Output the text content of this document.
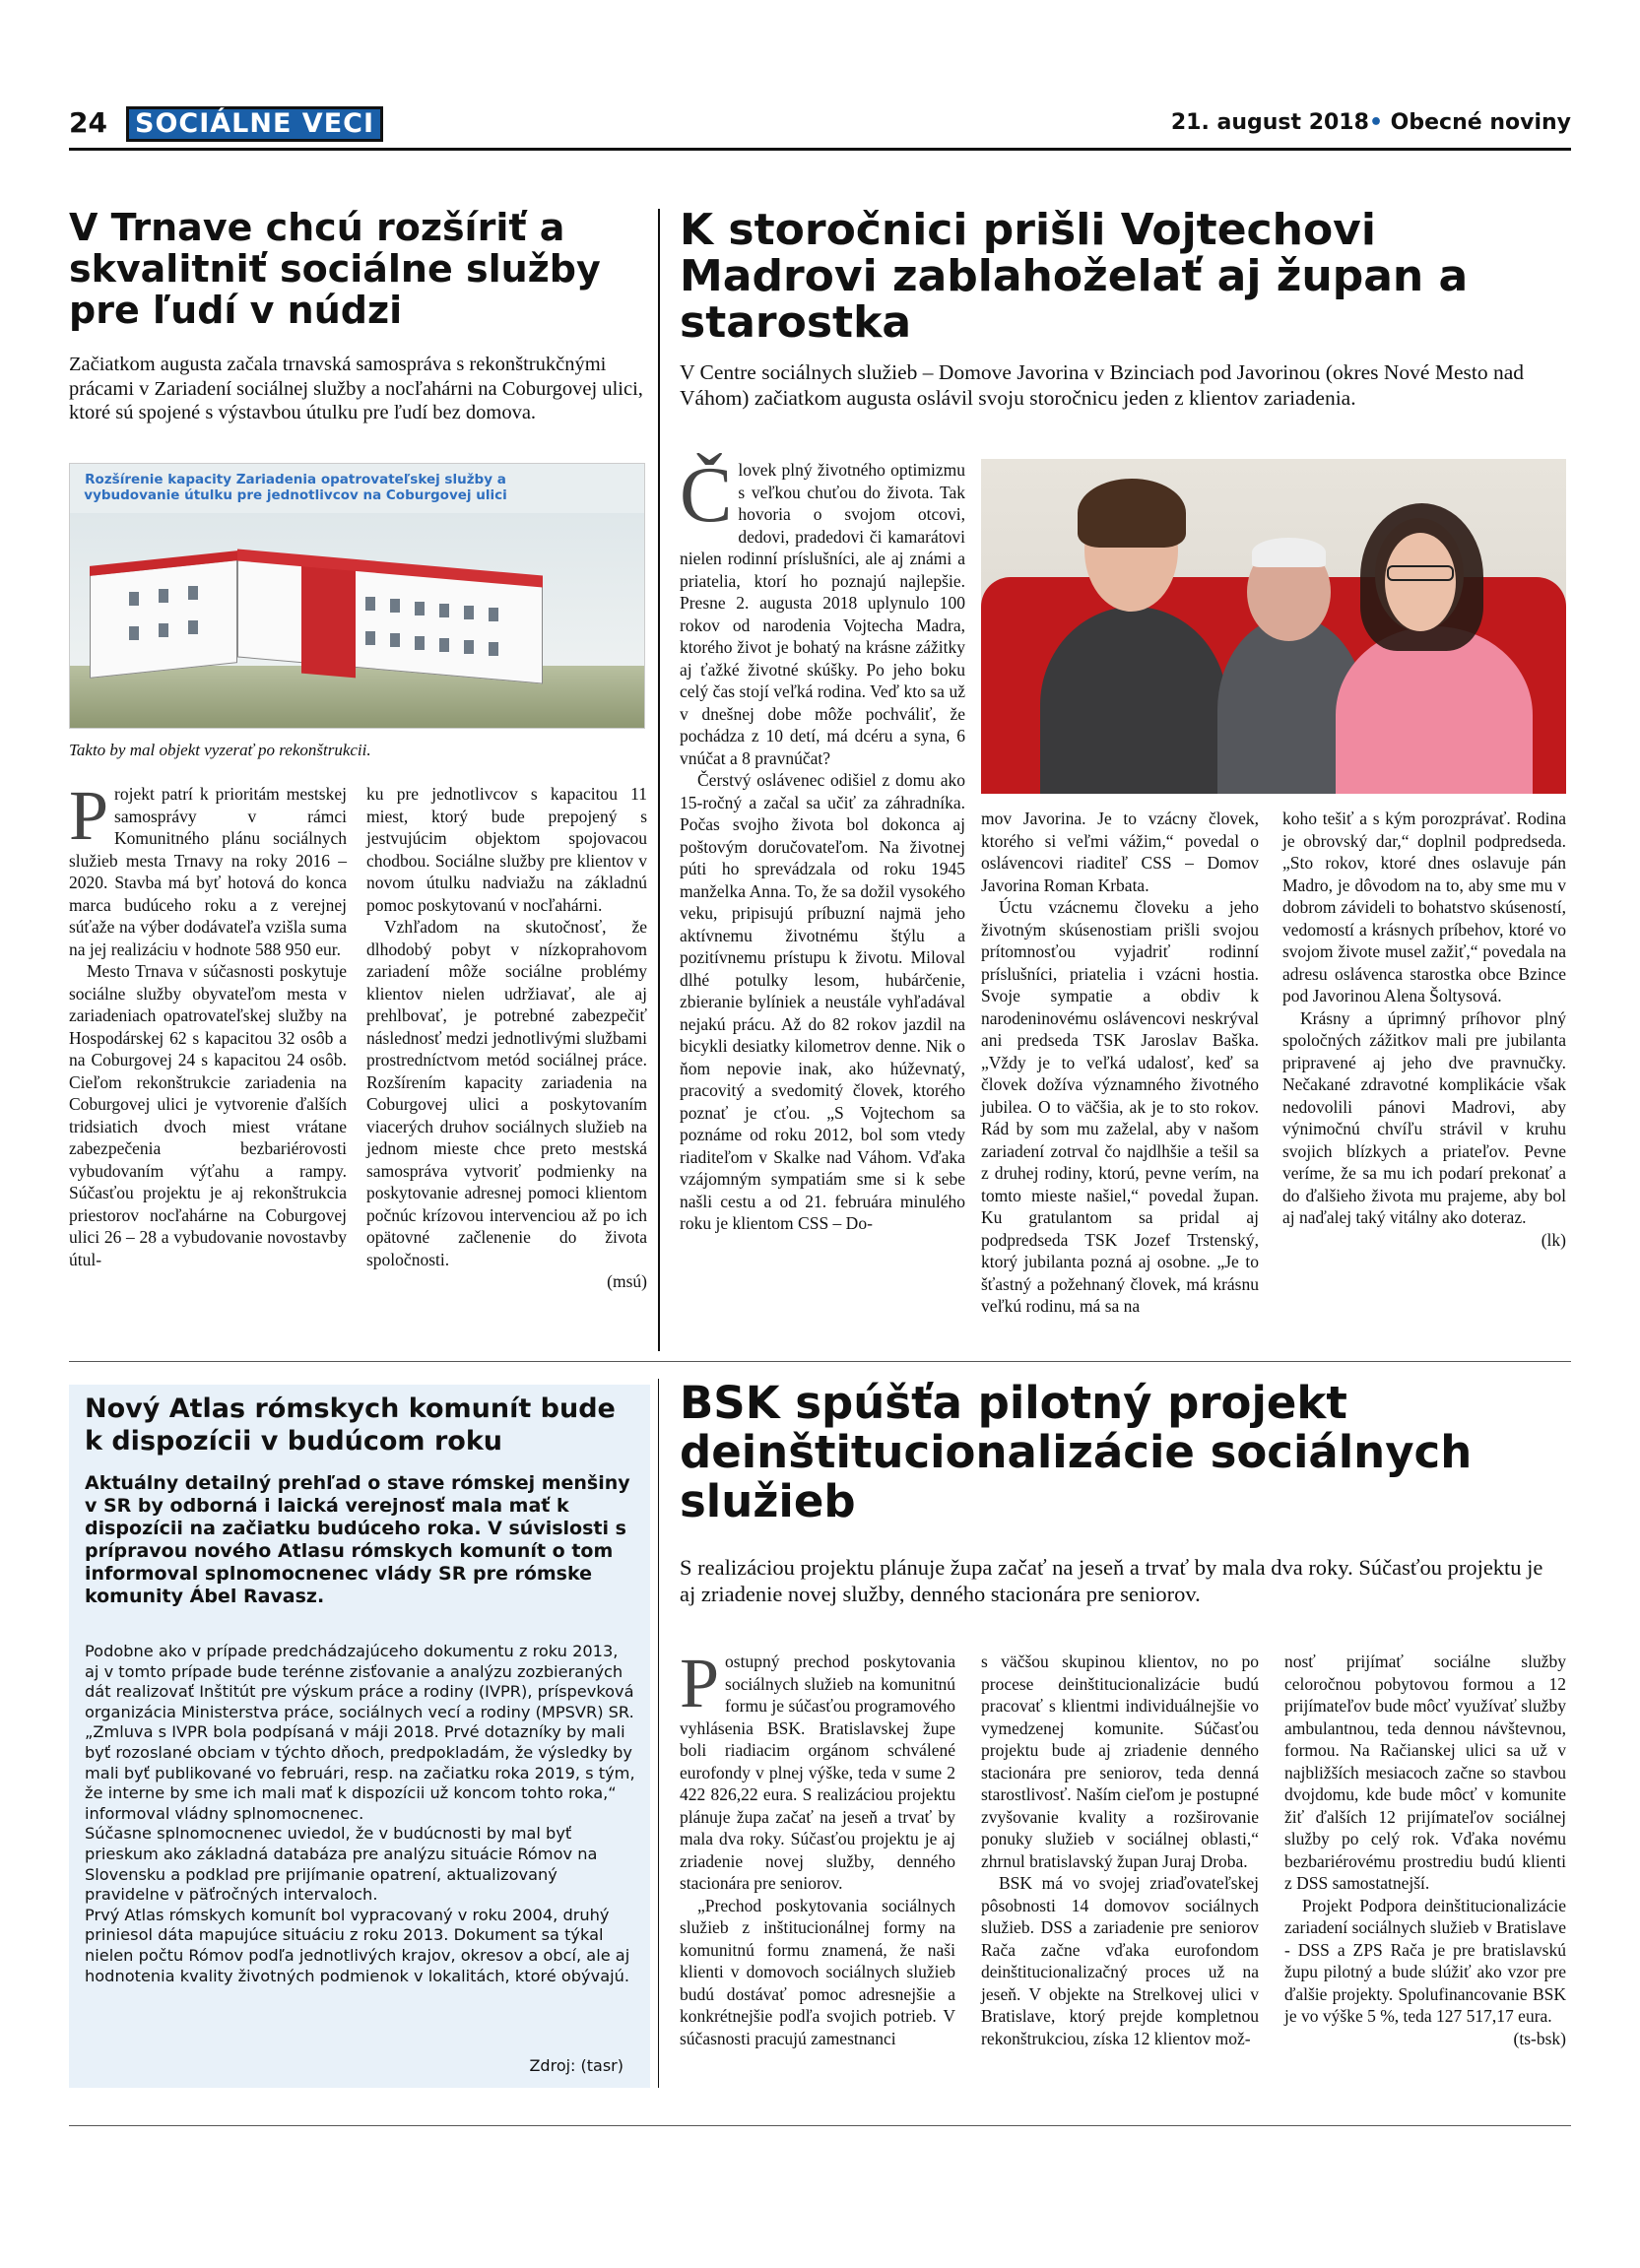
24	SOCIÁLNE VECI	21. august 2018• Obecné noviny
V Trnave chcú rozšíriť a skvalitniť sociálne služby pre ľudí v núdzi
Začiatkom augusta začala trnavská samospráva s rekonštrukčnými prácami v Zariadení sociálnej služby a nocľahárni na Coburgovej ulici, ktoré sú spojené s výstavbou útulku pre ľudí bez domova.
Rozšírenie kapacity Zariadenia opatrovateľskej služby a vybudovanie útulku pre jednotlivcov na Coburgovej ulici
Takto by mal objekt vyzerať po rekonštrukcii.

Projekt patrí k prioritám mestskej samosprávy v rámci Komunitného plánu sociálnych služieb mesta Trnavy na roky 2016 – 2020. Stavba má byť hotová do konca marca budúceho roku a z verejnej súťaže na výber dodávateľa vzišla suma na jej realizáciu v hodnote 588 950 eur.

Mesto Trnava v súčasnosti poskytuje sociálne služby obyvateľom mesta v zariadeniach opatrovateľskej služby na Hospodárskej 62 s kapacitou 32 osôb a na Coburgovej 24 s kapacitou 24 osôb. Cieľom rekonštrukcie zariadenia na Coburgovej ulici je vytvorenie ďalších tridsiatich dvoch miest vrátane zabezpečenia bezbariérovosti vybudovaním výťahu a rampy. Súčasťou projektu je aj rekonštrukcia priestorov nocľahárne na Coburgovej ulici 26 – 28 a vybudovanie novostavby útul-

ku pre jednotlivcov s kapacitou 11 miest, ktorý bude prepojený s jestvujúcim objektom spojovacou chodbou. Sociálne služby pre klientov v novom útulku nadviažu na základnú pomoc poskytovanú v nocľahárni.

Vzhľadom na skutočnosť, že dlhodobý pobyt v nízkoprahovom zariadení môže sociálne problémy klientov nielen udržiavať, ale aj prehlbovať, je potrebné zabezpečiť následnosť medzi jednotlivými službami prostredníctvom metód sociálnej práce. Rozšírením kapacity zariadenia na Coburgovej ulici a poskytovaním viacerých druhov sociálnych služieb na jednom mieste chce preto mestská samospráva vytvoriť podmienky na poskytovanie adresnej pomoci klientom počnúc krízovou intervenciou až po ich opätovné začlenenie do života spoločnosti.

(msú)
K storočnici prišli Vojtechovi Madrovi zablahoželať aj župan a starostka
V Centre sociálnych služieb – Domove Javorina v Bzinciach pod Javorinou (okres Nové Mesto nad Váhom) začiatkom augusta oslávil svoju storočnicu jeden z klientov zariadenia.

Človek plný životného optimizmu s veľkou chuťou do života. Tak hovoria o svojom otcovi, dedovi, pradedovi či kamarátovi nielen rodinní príslušníci, ale aj známi a priatelia, ktorí ho poznajú najlepšie. Presne 2. augusta 2018 uplynulo 100 rokov od narodenia Vojtecha Madra, ktorého život je bohatý na krásne zážitky aj ťažké životné skúšky. Po jeho boku celý čas stojí veľká rodina. Veď kto sa už v dnešnej dobe môže pochváliť, že pochádza z 10 detí, má dcéru a syna, 6 vnúčat a 8 pravnúčat?

Čerstvý oslávenec odišiel z domu ako 15-ročný a začal sa učiť za záhradníka. Počas svojho života bol dokonca aj poštovým doručovateľom. Na životnej púti ho sprevádzala od roku 1945 manželka Anna. To, že sa dožil vysokého veku, pripisujú príbuzní najmä jeho aktívnemu životnému štýlu a pozitívnemu prístupu k životu. Miloval dlhé potulky lesom, hubárčenie, zbieranie bylíniek a neustále vyhľadával nejakú prácu. Až do 82 rokov jazdil na bicykli desiatky kilometrov denne. Nik o ňom nepovie inak, ako húževnatý, pracovitý a svedomitý človek, ktorého poznať je cťou. „S Vojtechom sa poznáme od roku 2012, bol som vtedy riaditeľom v Skalke nad Váhom. Vďaka vzájomným sympatiám sme si k sebe našli cestu a od 21. februára minulého roku je klientom CSS – Do-

mov Javorina. Je to vzácny človek, ktorého si veľmi vážim,“ povedal o oslávencovi riaditeľ CSS – Domov Javorina Roman Krbata.

Úctu vzácnemu človeku a jeho životným skúsenostiam prišli svojou prítomnosťou vyjadriť rodinní príslušníci, priatelia i vzácni hostia. Svoje sympatie a obdiv k narodeninovému oslávencovi neskrýval ani predseda TSK Jaroslav Baška. „Vždy je to veľká udalosť, keď sa človek dožíva významného životného jubilea. O to väčšia, ak je to sto rokov. Rád by som mu zaželal, aby v našom zariadení zotrval čo najdlhšie a tešil sa z druhej rodiny, ktorú, pevne verím, na tomto mieste našiel,“ povedal župan. Ku gratulantom sa pridal aj podpredseda TSK Jozef Trstenský, ktorý jubilanta pozná aj osobne. „Je to šťastný a požehnaný človek, má krásnu veľkú rodinu, má sa na

koho tešiť a s kým porozprávať. Rodina je obrovský dar,“ doplnil podpredseda. „Sto rokov, ktoré dnes oslavuje pán Madro, je dôvodom na to, aby sme mu v dobrom závideli to bohatstvo skúseností, vedomostí a krásnych príbehov, ktoré vo svojom živote musel zažiť,“ povedala na adresu oslávenca starostka obce Bzince pod Javorinou Alena Šoltysová.

Krásny a úprimný príhovor plný spoločných zážitkov mali pre jubilanta pripravené aj jeho dve pravnučky. Nečakané zdravotné komplikácie však nedovolili pánovi Madrovi, aby výnimočnú chvíľu strávil v kruhu svojich blízkych a priateľov. Pevne veríme, že sa mu ich podarí prekonať a do ďalšieho života mu prajeme, aby bol aj naďalej taký vitálny ako doteraz.

(lk)
Nový Atlas rómskych komunít bude k dispozícii v budúcom roku
Aktuálny detailný prehľad o stave rómskej menšiny v SR by odborná i laická verejnosť mala mať k dispozícii na začiatku budúceho roka. V súvislosti s prípravou nového Atlasu rómskych komunít o tom informoval splnomocnenec vlády SR pre rómske komunity Ábel Ravasz.

Podobne ako v prípade predchádzajúceho dokumentu z roku 2013, aj v tomto prípade bude terénne zisťovanie a analýzu zozbieraných dát realizovať Inštitút pre výskum práce a rodiny (IVPR), príspevková organizácia Ministerstva práce, sociálnych vecí a rodiny (MPSVR) SR. „Zmluva s IVPR bola podpísaná v máji 2018. Prvé dotazníky by mali byť rozoslané obciam v týchto dňoch, predpokladám, že výsledky by mali byť publikované vo februári, resp. na začiatku roka 2019, s tým, že interne by sme ich mali mať k dispozícii už koncom tohto roka,“ informoval vládny splnomocnenec.

Súčasne splnomocnenec uviedol, že v budúcnosti by mal byť prieskum ako základná databáza pre analýzu situácie Rómov na Slovensku a podklad pre prijímanie opatrení, aktualizovaný pravidelne v päťročných intervaloch.

Prvý Atlas rómskych komunít bol vypracovaný v roku 2004, druhý priniesol dáta mapujúce situáciu z roku 2013. Dokument sa týkal nielen počtu Rómov podľa jednotlivých krajov, okresov a obcí, ale aj hodnotenia kvality životných podmienok v lokalitách, ktoré obývajú.

Zdroj: (tasr)
BSK spúšťa pilotný projekt deinštitucionalizácie sociálnych služieb
S realizáciou projektu plánuje župa začať na jeseň a trvať by mala dva roky. Súčasťou projektu je aj zriadenie novej služby, denného stacionára pre seniorov.

Postupný prechod poskytovania sociálnych služieb na komunitnú formu je súčasťou programového vyhlásenia BSK. Bratislavskej župe boli riadiacim orgánom schválené eurofondy v plnej výške, teda v sume 2 422 826,22 eura. S realizáciou projektu plánuje župa začať na jeseň a trvať by mala dva roky. Súčasťou projektu je aj zriadenie novej služby, denného stacionára pre seniorov.

„Prechod poskytovania sociálnych služieb z inštitucionálnej formy na komunitnú formu znamená, že naši klienti v domovoch sociálnych služieb budú dostávať pomoc adresnejšie a konkrétnejšie podľa svojich potrieb. V súčasnosti pracujú zamestnanci

s väčšou skupinou klientov, no po procese deinštitucionalizácie budú pracovať s klientmi individuálnejšie vo vymedzenej komunite. Súčasťou projektu bude aj zriadenie denného stacionára pre seniorov, teda denná starostlivosť. Naším cieľom je postupné zvyšovanie kvality a rozširovanie ponuky služieb v sociálnej oblasti,“ zhrnul bratislavský župan Juraj Droba.

BSK má vo svojej zriaďovateľskej pôsobnosti 14 domovov sociálnych služieb. DSS a zariadenie pre seniorov Rača začne vďaka eurofondom deinštitucionalizačný proces už na jeseň. V objekte na Strelkovej ulici v Bratislave, ktorý prejde kompletnou rekonštrukciou, získa 12 klientov mož-

nosť prijímať sociálne služby celoročnou pobytovou formou a 12 prijímateľov bude môcť využívať služby ambulantnou, teda dennou návštevnou, formou. Na Račianskej ulici sa už v najbližších mesiacoch začne so stavbou dvojdomu, kde bude môcť v komunite žiť ďalších 12 prijímateľov sociálnej služby po celý rok. Vďaka novému bezbariérovému prostrediu budú klienti z DSS samostatnejší.

Projekt Podpora deinštitucionalizácie zariadení sociálnych služieb v Bratislave - DSS a ZPS Rača je pre bratislavskú župu pilotný a bude slúžiť ako vzor pre ďalšie projekty. Spolufinancovanie BSK je vo výške 5 %, teda 127 517,17 eura.

(ts-bsk)
